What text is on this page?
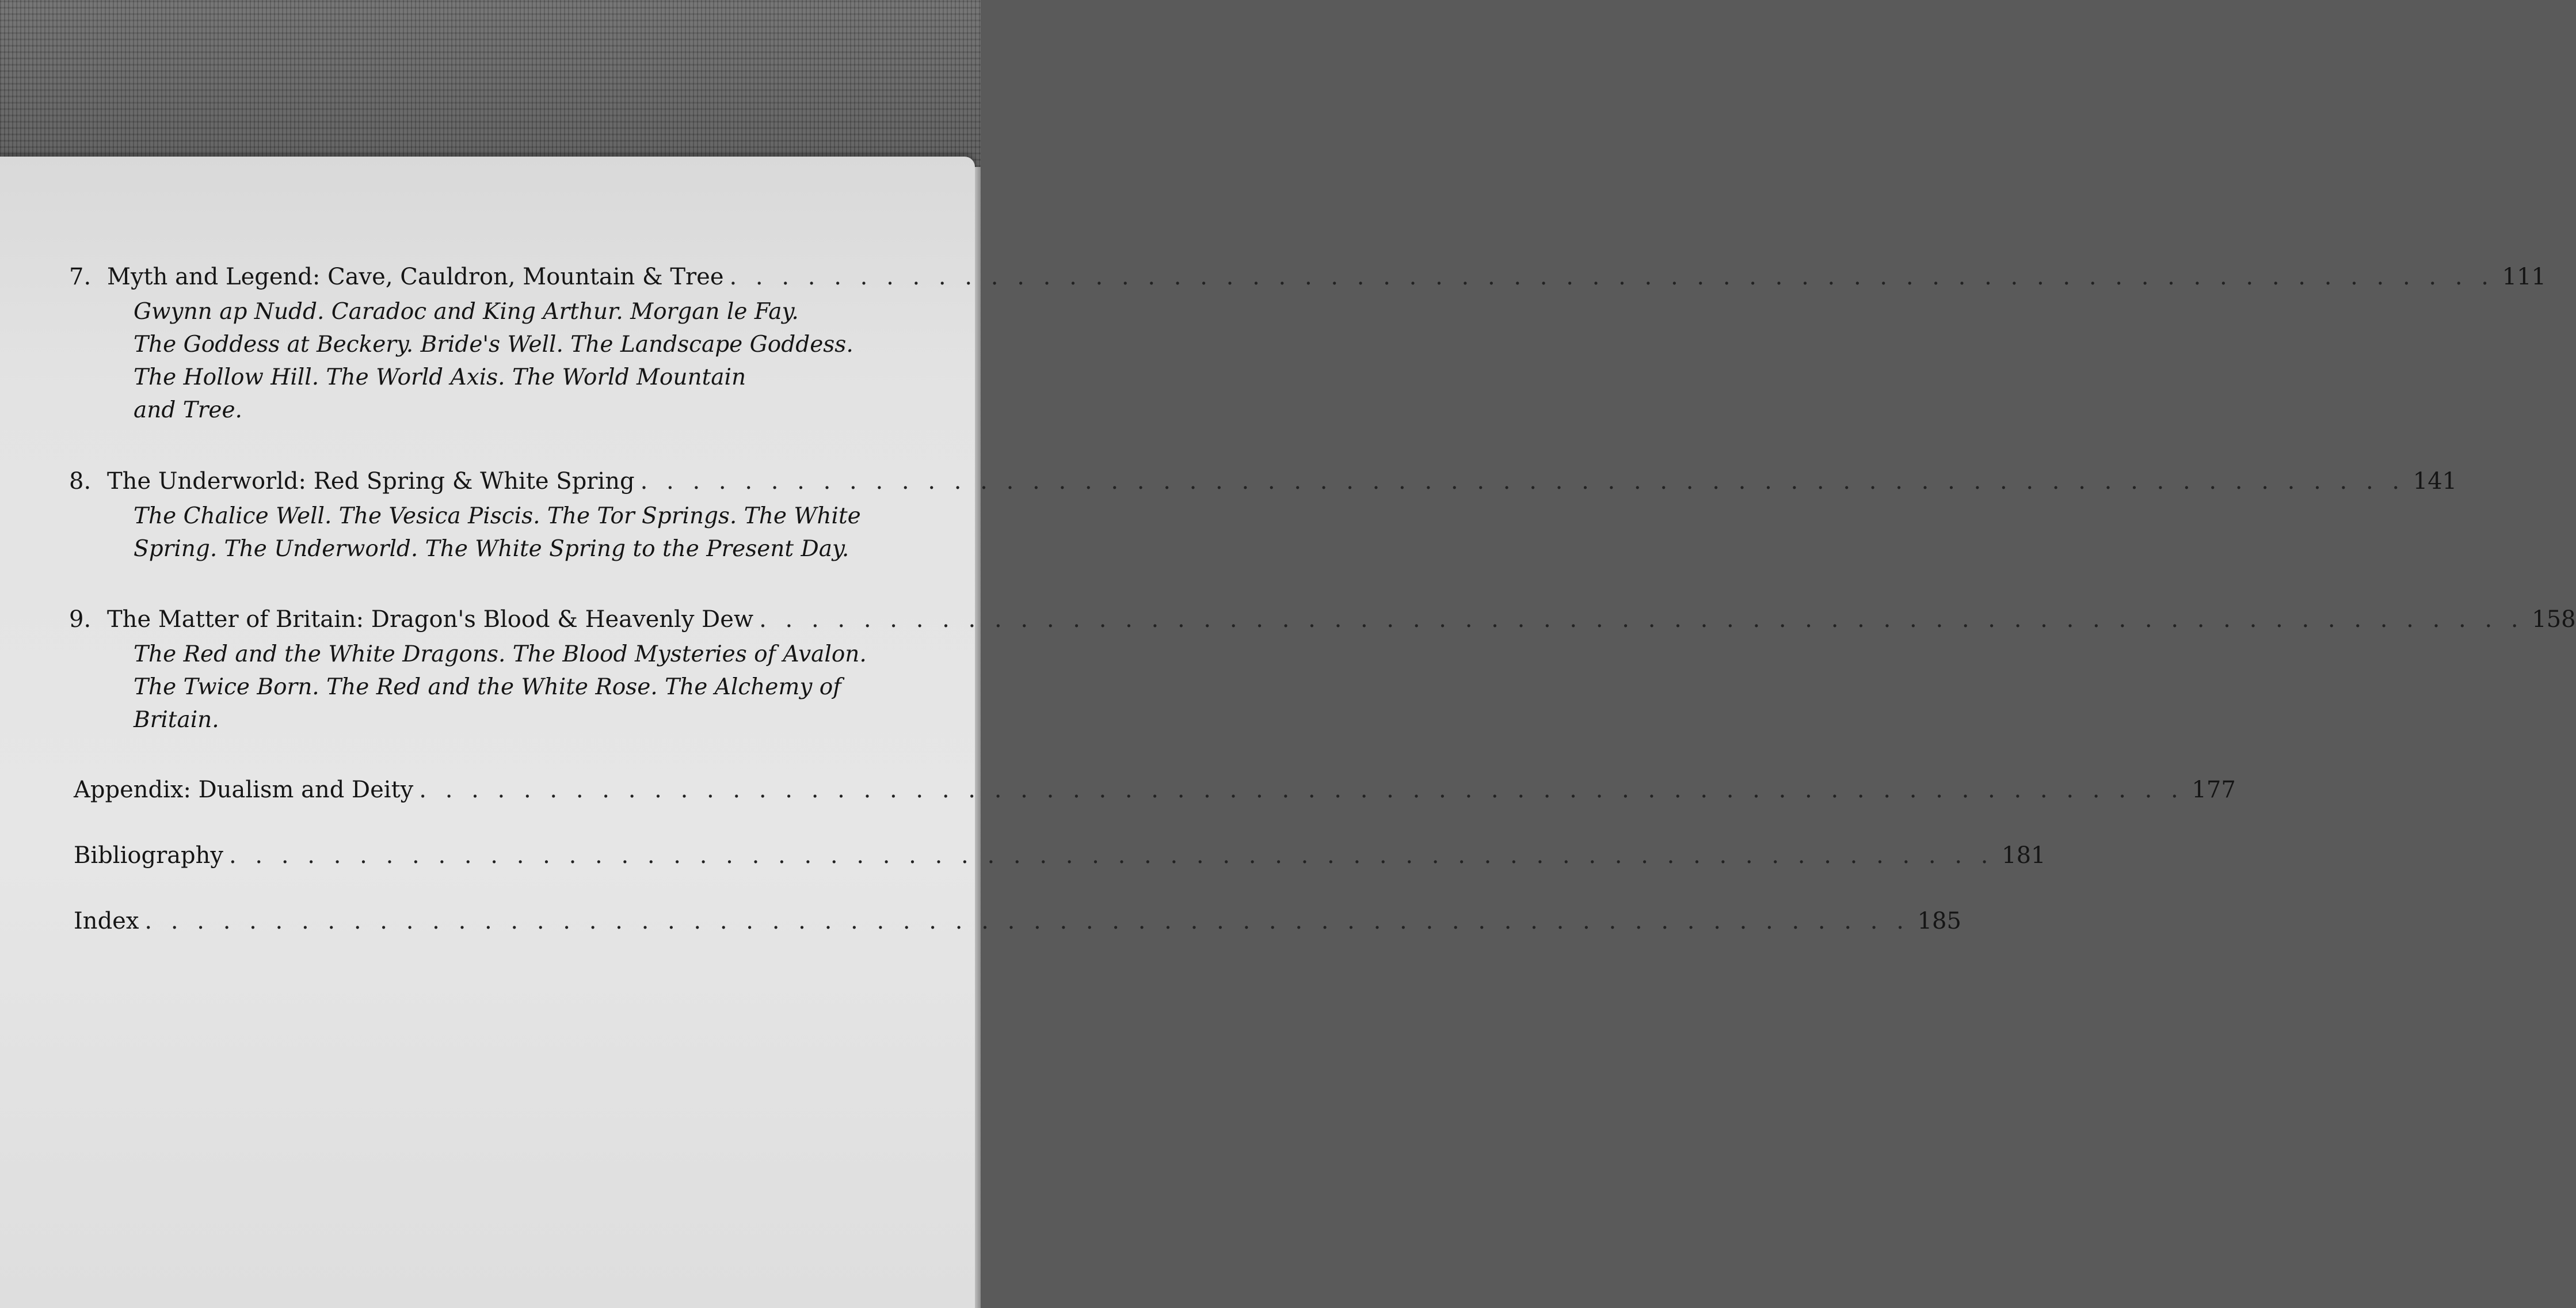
7. Myth and Legend: Cave, Cauldron, Mountain & Tree . . . . . . . . . . . . . . . . . . . . . . . . . . . . . . . . . . . . . . . . . . . . . . . . . . . . . . . . . . . . . . . . . . . . 111
Gwynn ap Nudd. Caradoc and King Arthur. Morgan le Fay.
The Goddess at Beckery. Bride's Well. The Landscape Goddess.
The Hollow Hill. The World Axis. The World Mountain
and Tree.
8. The Underworld: Red Spring & White Spring . . . . . . . . . . . . . . . . . . . . . . . . . . . . . . . . . . . . . . . . . . . . . . . . . . . . . . . . . . . . . . . . . . . . 141
The Chalice Well. The Vesica Piscis. The Tor Springs. The White
Spring. The Underworld. The White Spring to the Present Day.
9. The Matter of Britain: Dragon's Blood & Heavenly Dew . . . . . . . . . . . . . . . . . . . . . . . . . . . . . . . . . . . . . . . . . . . . . . . . . . . . . . . . . . . . . . . . . . . . 158
The Red and the White Dragons. The Blood Mysteries of Avalon.
The Twice Born. The Red and the White Rose. The Alchemy of
Britain.
Appendix: Dualism and Deity . . . . . . . . . . . . . . . . . . . . . . . . . . . . . . . . . . . . . . . . . . . . . . . . . . . . . . . . . . . . . . . . . . . . 177
Bibliography . . . . . . . . . . . . . . . . . . . . . . . . . . . . . . . . . . . . . . . . . . . . . . . . . . . . . . . . . . . . . . . . . . . . 181
Index . . . . . . . . . . . . . . . . . . . . . . . . . . . . . . . . . . . . . . . . . . . . . . . . . . . . . . . . . . . . . . . . . . . . 185
